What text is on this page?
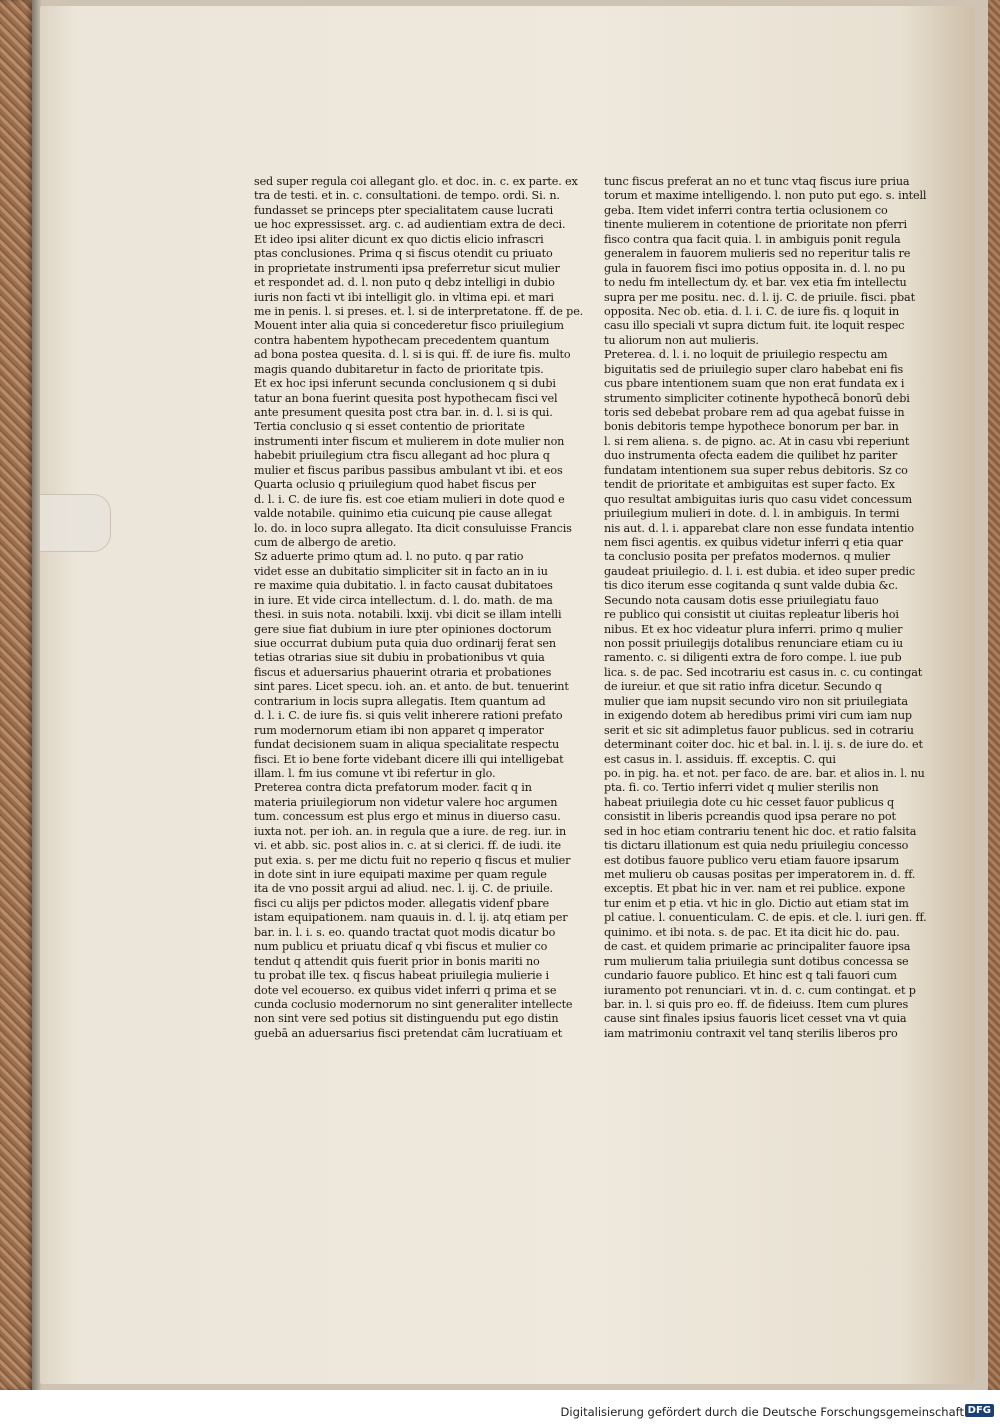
sed super regula coi allegant glo. et doc. in. c. ex parte. ex
tra de testi. et in. c. consultationi. de tempo. ordi. Si. n.
fundasset se princeps pter specialitatem cause lucrati
ue hoc expressisset. arg. c. ad audientiam extra de deci.
Et ideo ipsi aliter dicunt ex quo dictis elicio infrascri
ptas conclusiones. Prima q si fiscus otendit cu priuato
in proprietate instrumenti ipsa preferretur sicut mulier
et respondet ad. d. l. non puto q debz intelligi in dubio
iuris non facti vt ibi intelligit glo. in vltima epi. et mari
me in penis. l. si preses. et. l. si de interpretatone. ff. de pe.
Mouent inter alia quia si concederetur fisco priuilegium
contra habentem hypothecam precedentem quantum
ad bona postea quesita. d. l. si is qui. ff. de iure fis. multo
magis quando dubitaretur in facto de prioritate tpis.
Et ex hoc ipsi inferunt secunda conclusionem q si dubi
tatur an bona fuerint quesita post hypothecam fisci vel
ante presument quesita post ctra bar. in. d. l. si is qui.
Tertia conclusio q si esset contentio de prioritate
instrumenti inter fiscum et mulierem in dote mulier non
habebit priuilegium ctra fiscu allegant ad hoc plura q
mulier et fiscus paribus passibus ambulant vt ibi. et eos
Quarta oclusio q priuilegium quod habet fiscus per
d. l. i. C. de iure fis. est coe etiam mulieri in dote quod e
valde notabile. quinimo etia cuicunq pie cause allegat
lo. do. in loco supra allegato. Ita dicit consuluisse Francis
cum de albergo de aretio.
Sz aduerte primo qtum ad. l. no puto. q par ratio
videt esse an dubitatio simpliciter sit in facto an in iu
re maxime quia dubitatio. l. in facto causat dubitatoes
in iure. Et vide circa intellectum. d. l. do. math. de ma
thesi. in suis nota. notabili. lxxij. vbi dicit se illam intelli
gere siue fiat dubium in iure pter opiniones doctorum
siue occurrat dubium puta quia duo ordinarij ferat sen
tetias otrarias siue sit dubiu in probationibus vt quia
fiscus et aduersarius phauerint otraria et probationes
sint pares. Licet specu. ioh. an. et anto. de but. tenuerint
contrarium in locis supra allegatis. Item quantum ad
d. l. i. C. de iure fis. si quis velit inherere rationi prefato
rum modernorum etiam ibi non apparet q imperator
fundat decisionem suam in aliqua specialitate respectu
fisci. Et io bene forte videbant dicere illi qui intelligebat
illam. l. fm ius comune vt ibi refertur in glo.
Preterea contra dicta prefatorum moder. facit q in
materia priuilegiorum non videtur valere hoc argumen
tum. concessum est plus ergo et minus in diuerso casu.
iuxta not. per ioh. an. in regula que a iure. de reg. iur. in
vi. et abb. sic. post alios in. c. at si clerici. ff. de iudi. ite
put exia. s. per me dictu fuit no reperio q fiscus et mulier
in dote sint in iure equipati maxime per quam regule
ita de vno possit argui ad aliud. nec. l. ij. C. de priuile.
fisci cu alijs per pdictos moder. allegatis videnf pbare
istam equipationem. nam quauis in. d. l. ij. atq etiam per
bar. in. l. i. s. eo. quando tractat quot modis dicatur bo
num publicu et priuatu dicaf q vbi fiscus et mulier co
tendut q attendit quis fuerit prior in bonis mariti no
tu probat ille tex. q fiscus habeat priuilegia mulierie i
dote vel ecouerso. ex quibus videt inferri q prima et se
cunda coclusio modernorum no sint generaliter intellecte
non sint vere sed potius sit distinguendu put ego distin
guebā an aduersarius fisci pretendat cām lucratiuam et
tunc fiscus preferat an no et tunc vtaq fiscus iure priua
torum et maxime intelligendo. l. non puto put ego. s. intell
geba. Item videt inferri contra tertia oclusionem co
tinente mulierem in cotentione de prioritate non pferri
fisco contra qua facit quia. l. in ambiguis ponit regula
generalem in fauorem mulieris sed no reperitur talis re
gula in fauorem fisci imo potius opposita in. d. l. no pu
to nedu fm intellectum dy. et bar. vex etia fm intellectu
supra per me positu. nec. d. l. ij. C. de priuile. fisci. pbat
opposita. Nec ob. etia. d. l. i. C. de iure fis. q loquit in
casu illo speciali vt supra dictum fuit. ite loquit respec
tu aliorum non aut mulieris.
Preterea. d. l. i. no loquit de priuilegio respectu am
biguitatis sed de priuilegio super claro habebat eni fis
cus pbare intentionem suam que non erat fundata ex i
strumento simpliciter cotinente hypothecā bonorū debi
toris sed debebat probare rem ad qua agebat fuisse in
bonis debitoris tempe hypothece bonorum per bar. in
l. si rem aliena. s. de pigno. ac. At in casu vbi reperiunt
duo instrumenta ofecta eadem die quilibet hz pariter
fundatam intentionem sua super rebus debitoris. Sz co
tendit de prioritate et ambiguitas est super facto. Ex
quo resultat ambiguitas iuris quo casu videt concessum
priuilegium mulieri in dote. d. l. in ambiguis. In termi
nis aut. d. l. i. apparebat clare non esse fundata intentio
nem fisci agentis. ex quibus videtur inferri q etia quar
ta conclusio posita per prefatos modernos. q mulier
gaudeat priuilegio. d. l. i. est dubia. et ideo super predic
tis dico iterum esse cogitanda q sunt valde dubia &c.
Secundo nota causam dotis esse priuilegiatu fauo
re publico qui consistit ut ciuitas repleatur liberis hoi
nibus. Et ex hoc videatur plura inferri. primo q mulier
non possit priuilegijs dotalibus renunciare etiam cu iu
ramento. c. si diligenti extra de foro compe. l. iue pub
lica. s. de pac. Sed incotrariu est casus in. c. cu contingat
de iureiur. et que sit ratio infra dicetur. Secundo q
mulier que iam nupsit secundo viro non sit priuilegiata
in exigendo dotem ab heredibus primi viri cum iam nup
serit et sic sit adimpletus fauor publicus. sed in cotrariu
determinant coiter doc. hic et bal. in. l. ij. s. de iure do. et
est casus in. l. assiduis. ff. exceptis. C. qui
po. in pig. ha. et not. per faco. de are. bar. et alios in. l. nu
pta. fi. co. Tertio inferri videt q mulier sterilis non
habeat priuilegia dote cu hic cesset fauor publicus q
consistit in liberis pcreandis quod ipsa perare no pot
sed in hoc etiam contrariu tenent hic doc. et ratio falsita
tis dictaru illationum est quia nedu priuilegiu concesso
est dotibus fauore publico veru etiam fauore ipsarum
met mulieru ob causas positas per imperatorem in. d. ff.
exceptis. Et pbat hic in ver. nam et rei publice. expone
tur enim et p etia. vt hic in glo. Dictio aut etiam stat im
pl catiue. l. conuenticulam. C. de epis. et cle. l. iuri gen. ff.
quinimo. et ibi nota. s. de pac. Et ita dicit hic do. pau.
de cast. et quidem primarie ac principaliter fauore ipsa
rum mulierum talia priuilegia sunt dotibus concessa se
cundario fauore publico. Et hinc est q tali fauori cum
iuramento pot renunciari. vt in. d. c. cum contingat. et p
bar. in. l. si quis pro eo. ff. de fideiuss. Item cum plures
cause sint finales ipsius fauoris licet cesset vna vt quia
iam matrimoniu contraxit vel tanq sterilis liberos pro
Digitalisierung gefördert durch die Deutsche Forschungsgemeinschaft DFG
